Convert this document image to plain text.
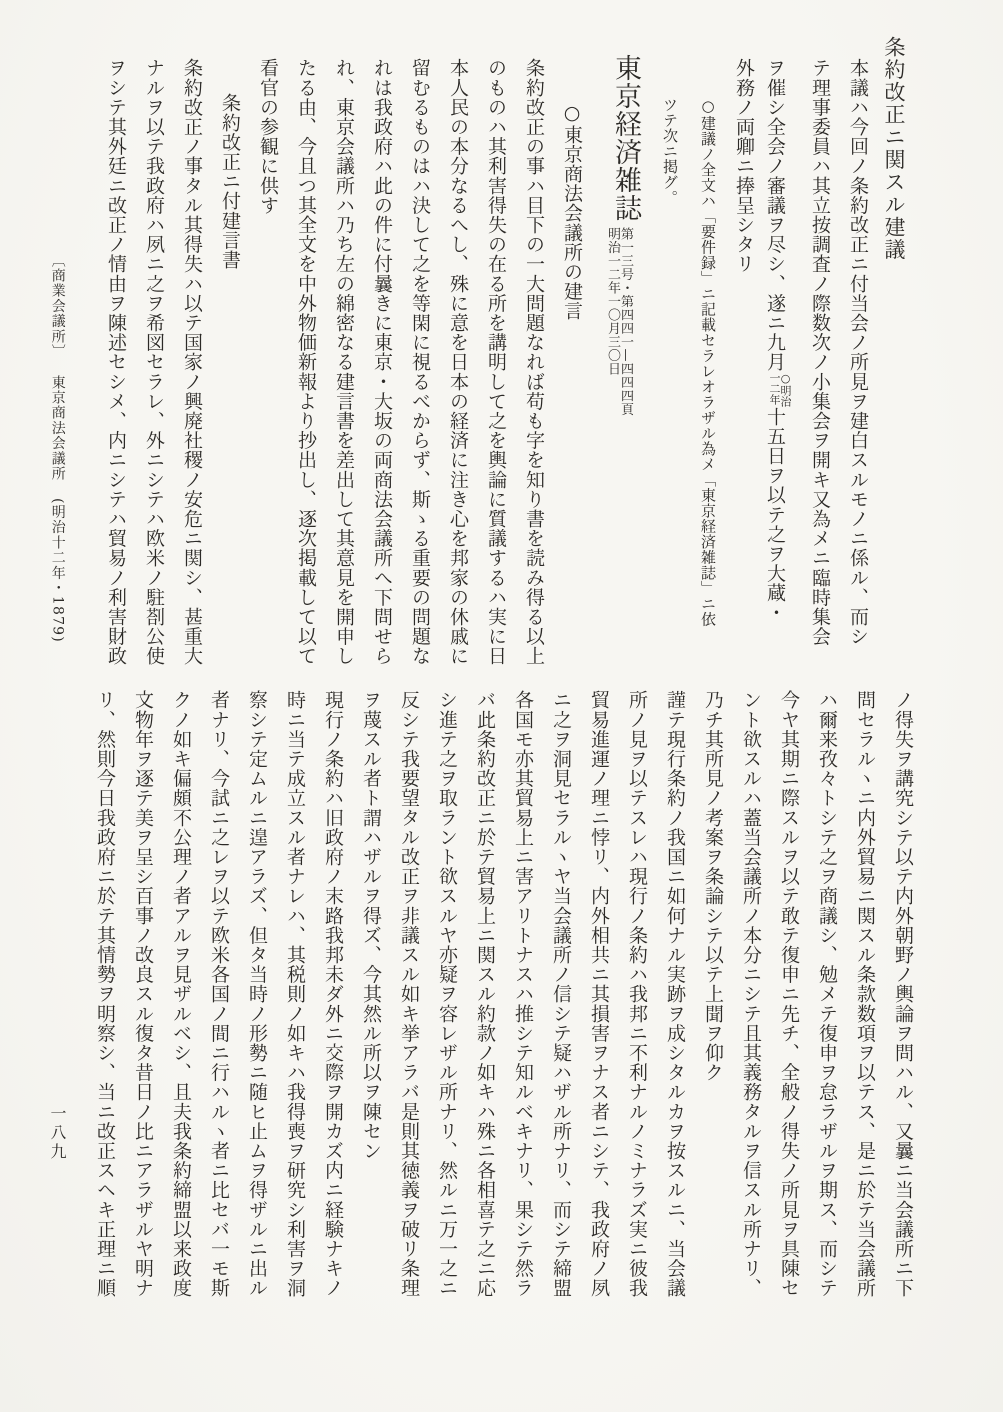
条約改正ニ関スル建議
本議ハ今回ノ条約改正ニ付当会ノ所見ヲ建白スルモノニ係ル、而シ
テ理事委員ハ其立按調査ノ際数次ノ小集会ヲ開キ又為メニ臨時集会
ヲ催シ全会ノ審議ヲ尽シ、遂ニ九月
○明治
一二年
十五日ヲ以テ之ヲ大蔵・
外務ノ両卿ニ捧呈シタリ
○建議ノ全文ハ「要件録」ニ記載セラレオラザル為メ「東京経済雑誌」ニ依
ツテ次ニ掲グ。
東京経済雑誌
第一三号・第四四一—四四四頁
明治一二年一〇月三〇日
○東京商法会議所の建言
条約改正の事ハ目下の一大問題なれば苟も字を知り書を読み得る以上
のものハ其利害得失の在る所を講明して之を輿論に質議するハ実に日
本人民の本分なるへし、殊に意を日本の経済に注き心を邦家の休戚に
留むるものはハ決して之を等閑に視るべからず、斯ゝる重要の問題な
れは我政府ハ此の件に付曩きに東京・大坂の両商法会議所へ下問せら
れ、東京会議所ハ乃ち左の綿密なる建言書を差出して其意見を開申し
たる由、今且つ其全文を中外物価新報より抄出し、逐次掲載して以て
看官の参観に供す
条約改正ニ付建言書
条約改正ノ事タル其得失ハ以テ国家ノ興廃社稷ノ安危ニ関シ、甚重大
ナルヲ以テ我政府ハ夙ニ之ヲ希図セラレ、外ニシテハ欧米ノ駐剳公使
ヲシテ其外廷ニ改正ノ情由ヲ陳述セシメ、内ニシテハ貿易ノ利害財政
ノ得失ヲ講究シテ以テ内外朝野ノ輿論ヲ問ハル、又曩ニ当会議所ニ下
問セラルヽニ内外貿易ニ関スル条款数項ヲ以テス、是ニ於テ当会議所
ハ爾来孜々トシテ之ヲ商議シ、勉メテ復申ヲ怠ラザルヲ期ス、而シテ
今ヤ其期ニ際スルヲ以テ敢テ復申ニ先チ、全般ノ得失ノ所見ヲ具陳セ
ント欲スルハ蓋当会議所ノ本分ニシテ且其義務タルヲ信スル所ナリ、
乃チ其所見ノ考案ヲ条論シテ以テ上聞ヲ仰ク
謹テ現行条約ノ我国ニ如何ナル実跡ヲ成シタルカヲ按スルニ、当会議
所ノ見ヲ以テスレハ現行ノ条約ハ我邦ニ不利ナルノミナラズ実ニ彼我
貿易進運ノ理ニ悖リ、内外相共ニ其損害ヲナス者ニシテ、我政府ノ夙
ニ之ヲ洞見セラルヽヤ当会議所ノ信シテ疑ハザル所ナリ、而シテ締盟
各国モ亦其貿易上ニ害アリトナスハ推シテ知ルベキナリ、果シテ然ラ
バ此条約改正ニ於テ貿易上ニ関スル約款ノ如キハ殊ニ各相喜テ之ニ応
シ進テ之ヲ取ラント欲スルヤ亦疑ヲ容レザル所ナリ、然ルニ万一之ニ
反シテ我要望タル改正ヲ非議スル如キ挙アラバ是則其徳義ヲ破リ条理
ヲ蔑スル者ト謂ハザルヲ得ズ、今其然ル所以ヲ陳セン
現行ノ条約ハ旧政府ノ末路我邦未ダ外ニ交際ヲ開カズ内ニ経験ナキノ
時ニ当テ成立スル者ナレハ、其税則ノ如キハ我得喪ヲ研究シ利害ヲ洞
察シテ定ムルニ遑アラズ、但タ当時ノ形勢ニ随ヒ止ムヲ得ザルニ出ル
者ナリ、今試ニ之レヲ以テ欧米各国ノ間ニ行ハルヽ者ニ比セバ一モ斯
クノ如キ偏頗不公理ノ者アルヲ見ザルベシ、且夫我条約締盟以来政度
文物年ヲ逐テ美ヲ呈シ百事ノ改良スル復タ昔日ノ比ニアラザルヤ明ナ
リ、然則今日我政府ニ於テ其情勢ヲ明察シ、当ニ改正スヘキ正理ニ順
〔商業会議所〕東京商法会議所(明治十二年・1879)
一八九
